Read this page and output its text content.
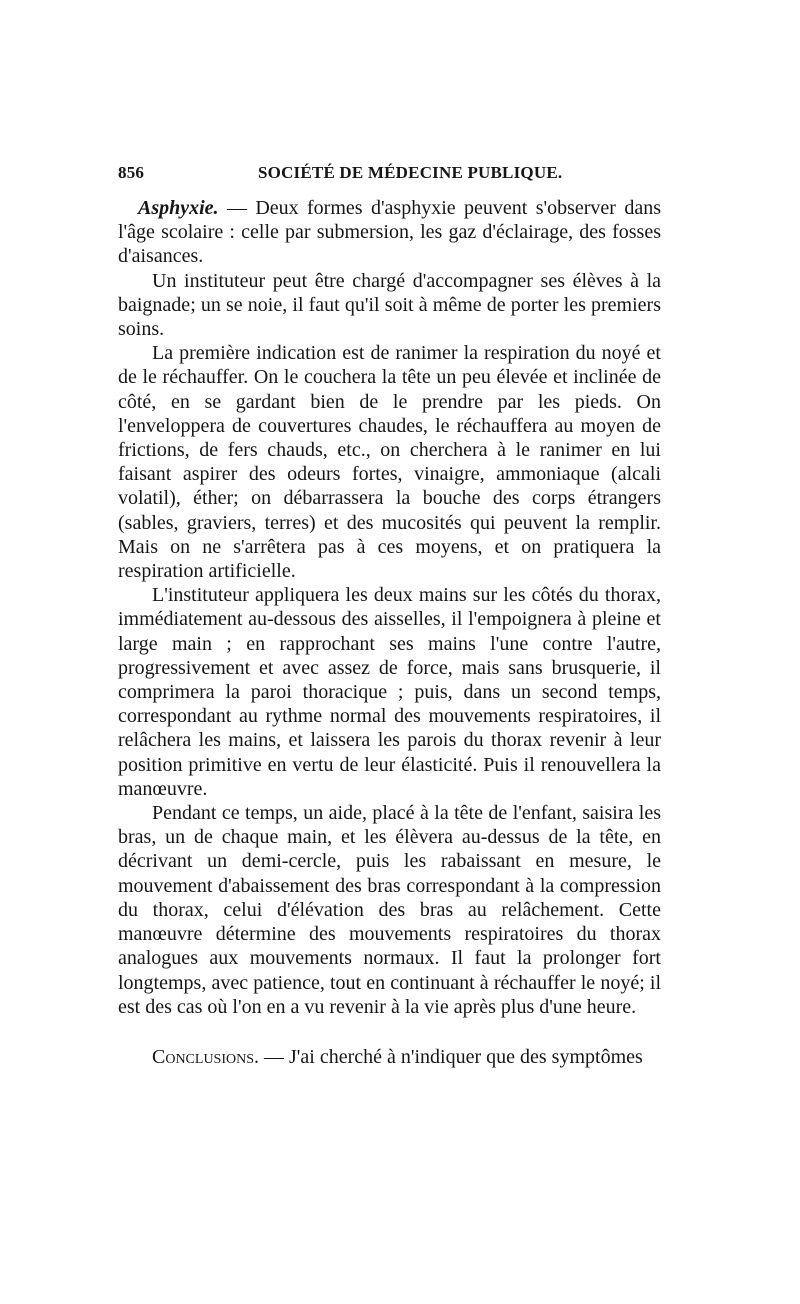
856	SOCIÉTÉ DE MÉDECINE PUBLIQUE.

Asphyxie. — Deux formes d'asphyxie peuvent s'observer dans l'âge scolaire : celle par submersion, les gaz d'éclairage, des fosses d'aisances.

Un instituteur peut être chargé d'accompagner ses élèves à la baignade; un se noie, il faut qu'il soit à même de porter les premiers soins.

La première indication est de ranimer la respiration du noyé et de le réchauffer. On le couchera la tête un peu élevée et inclinée de côté, en se gardant bien de le prendre par les pieds. On l'enveloppera de couvertures chaudes, le réchauffera au moyen de frictions, de fers chauds, etc., on cherchera à le ranimer en lui faisant aspirer des odeurs fortes, vinaigre, ammoniaque (alcali volatil), éther; on débarrassera la bouche des corps étrangers (sables, graviers, terres) et des mucosités qui peuvent la remplir. Mais on ne s'arrêtera pas à ces moyens, et on pratiquera la respiration artificielle.

L'instituteur appliquera les deux mains sur les côtés du thorax, immédiatement au-dessous des aisselles, il l'empoignera à pleine et large main ; en rapprochant ses mains l'une contre l'autre, progressivement et avec assez de force, mais sans brusquerie, il comprimera la paroi thoracique ; puis, dans un second temps, correspondant au rythme normal des mouvements respiratoires, il relâchera les mains, et laissera les parois du thorax revenir à leur position primitive en vertu de leur élasticité. Puis il renouvellera la manœuvre.

Pendant ce temps, un aide, placé à la tête de l'enfant, saisira les bras, un de chaque main, et les élèvera au-dessus de la tête, en décrivant un demi-cercle, puis les rabaissant en mesure, le mouvement d'abaissement des bras correspondant à la compression du thorax, celui d'élévation des bras au relâchement. Cette manœuvre détermine des mouvements respiratoires du thorax analogues aux mouvements normaux. Il faut la prolonger fort longtemps, avec patience, tout en continuant à réchauffer le noyé; il est des cas où l'on en a vu revenir à la vie après plus d'une heure.

Conclusions. — J'ai cherché à n'indiquer que des symptômes
